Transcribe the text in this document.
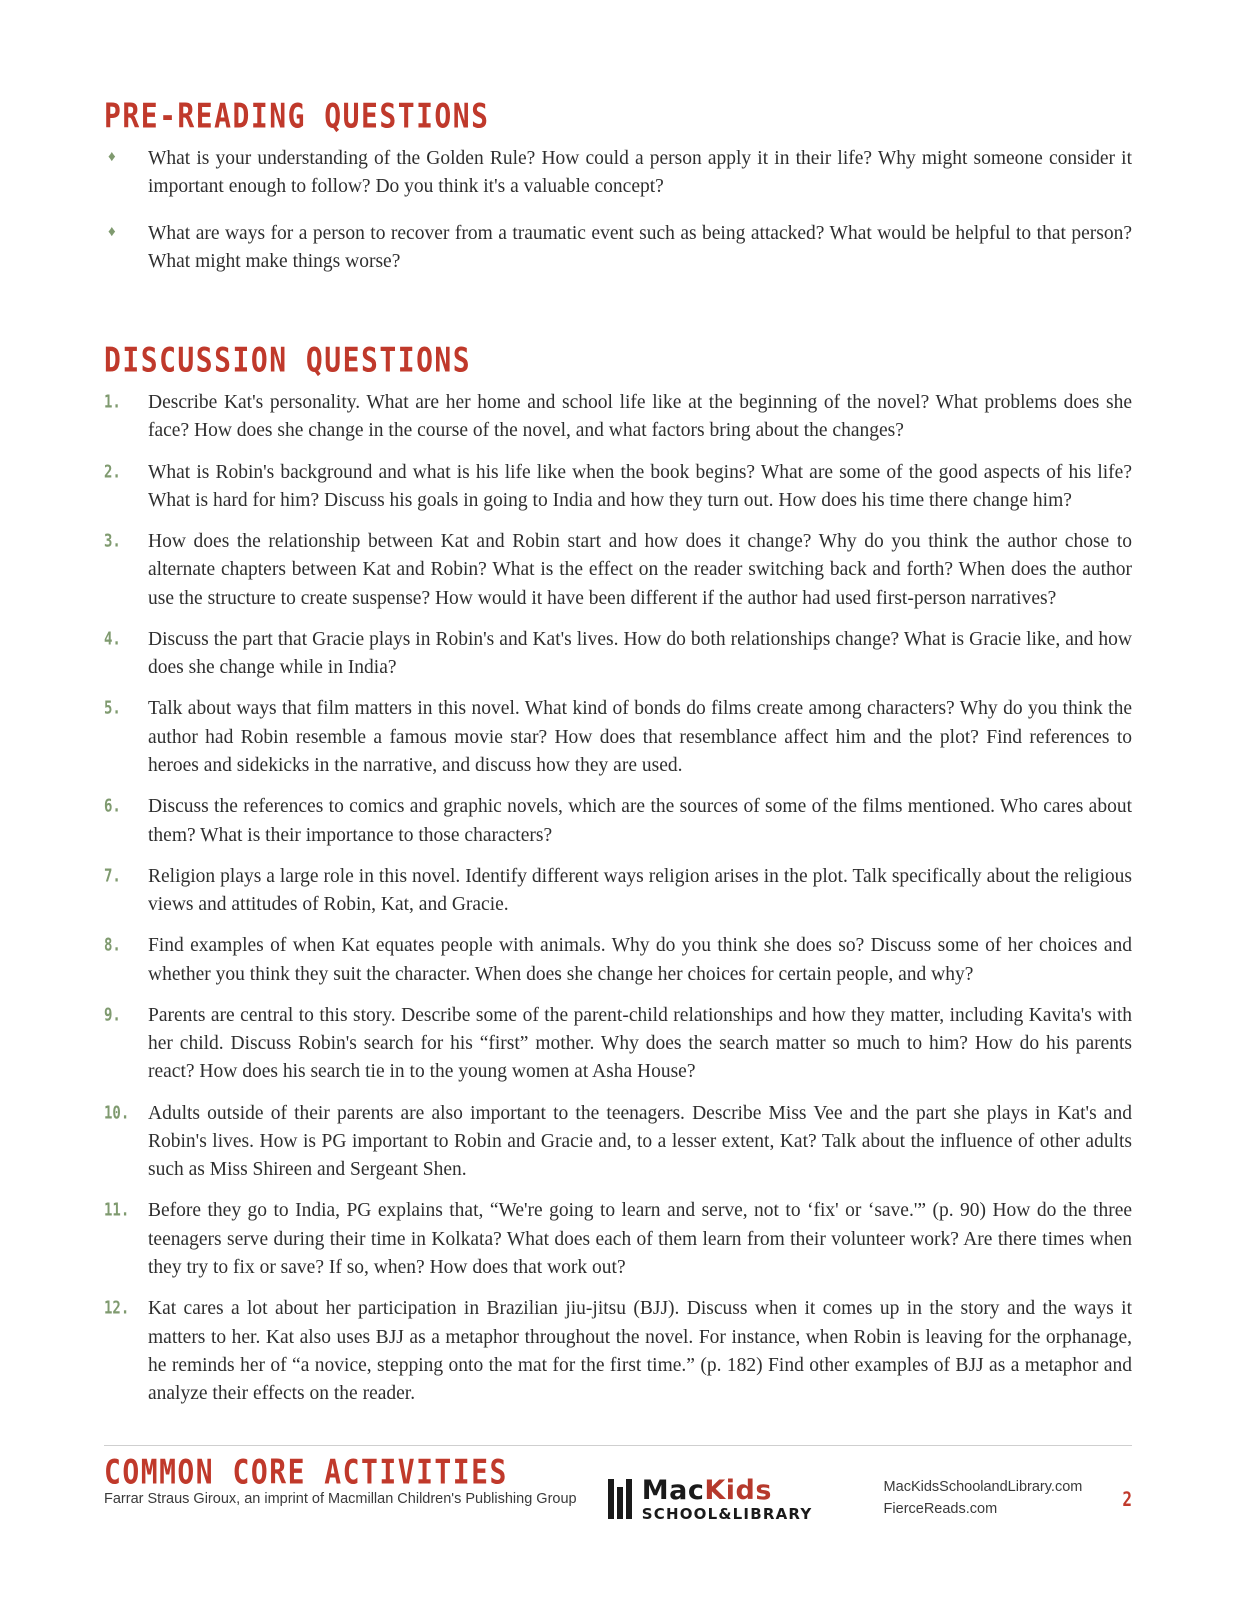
PRE-READING QUESTIONS
♦ What is your understanding of the Golden Rule? How could a person apply it in their life? Why might someone consider it important enough to follow? Do you think it's a valuable concept?
♦ What are ways for a person to recover from a traumatic event such as being attacked? What would be helpful to that person? What might make things worse?
DISCUSSION QUESTIONS
1.	Describe Kat's personality. What are her home and school life like at the beginning of the novel? What problems does she face? How does she change in the course of the novel, and what factors bring about the changes?
2.	What is Robin's background and what is his life like when the book begins? What are some of the good aspects of his life? What is hard for him? Discuss his goals in going to India and how they turn out. How does his time there change him?
3.	How does the relationship between Kat and Robin start and how does it change? Why do you think the author chose to alternate chapters between Kat and Robin? What is the effect on the reader switching back and forth? When does the author use the structure to create suspense? How would it have been different if the author had used first-person narratives?
4.	Discuss the part that Gracie plays in Robin's and Kat's lives. How do both relationships change? What is Gracie like, and how does she change while in India?
5.	Talk about ways that film matters in this novel. What kind of bonds do films create among characters? Why do you think the author had Robin resemble a famous movie star? How does that resemblance affect him and the plot? Find references to heroes and sidekicks in the narrative, and discuss how they are used.
6.	Discuss the references to comics and graphic novels, which are the sources of some of the films mentioned. Who cares about them? What is their importance to those characters?
7.	Religion plays a large role in this novel. Identify different ways religion arises in the plot. Talk specifically about the religious views and attitudes of Robin, Kat, and Gracie.
8.	Find examples of when Kat equates people with animals. Why do you think she does so? Discuss some of her choices and whether you think they suit the character. When does she change her choices for certain people, and why?
9.	Parents are central to this story. Describe some of the parent-child relationships and how they matter, including Kavita's with her child. Discuss Robin's search for his “first” mother. Why does the search matter so much to him? How do his parents react? How does his search tie in to the young women at Asha House?
10. Adults outside of their parents are also important to the teenagers. Describe Miss Vee and the part she plays in Kat's and Robin's lives. How is PG important to Robin and Gracie and, to a lesser extent, Kat? Talk about the influence of other adults such as Miss Shireen and Sergeant Shen.
11. Before they go to India, PG explains that, “We're going to learn and serve, not to ‘fix' or ‘save.'” (p. 90) How do the three teenagers serve during their time in Kolkata? What does each of them learn from their volunteer work? Are there times when they try to fix or save? If so, when? How does that work out?
12. Kat cares a lot about her participation in Brazilian jiu-jitsu (BJJ). Discuss when it comes up in the story and the ways it matters to her. Kat also uses BJJ as a metaphor throughout the novel. For instance, when Robin is leaving for the orphanage, he reminds her of “a novice, stepping onto the mat for the first time.” (p. 182) Find other examples of BJJ as a metaphor and analyze their effects on the reader.
COMMON CORE ACTIVITIES
Farrar Straus Giroux, an imprint of Macmillan Children's Publishing Group MacKids
SCHOOL&LIBRARY
MacKidsSchoolandLibrary.com
FierceReads.com	2
